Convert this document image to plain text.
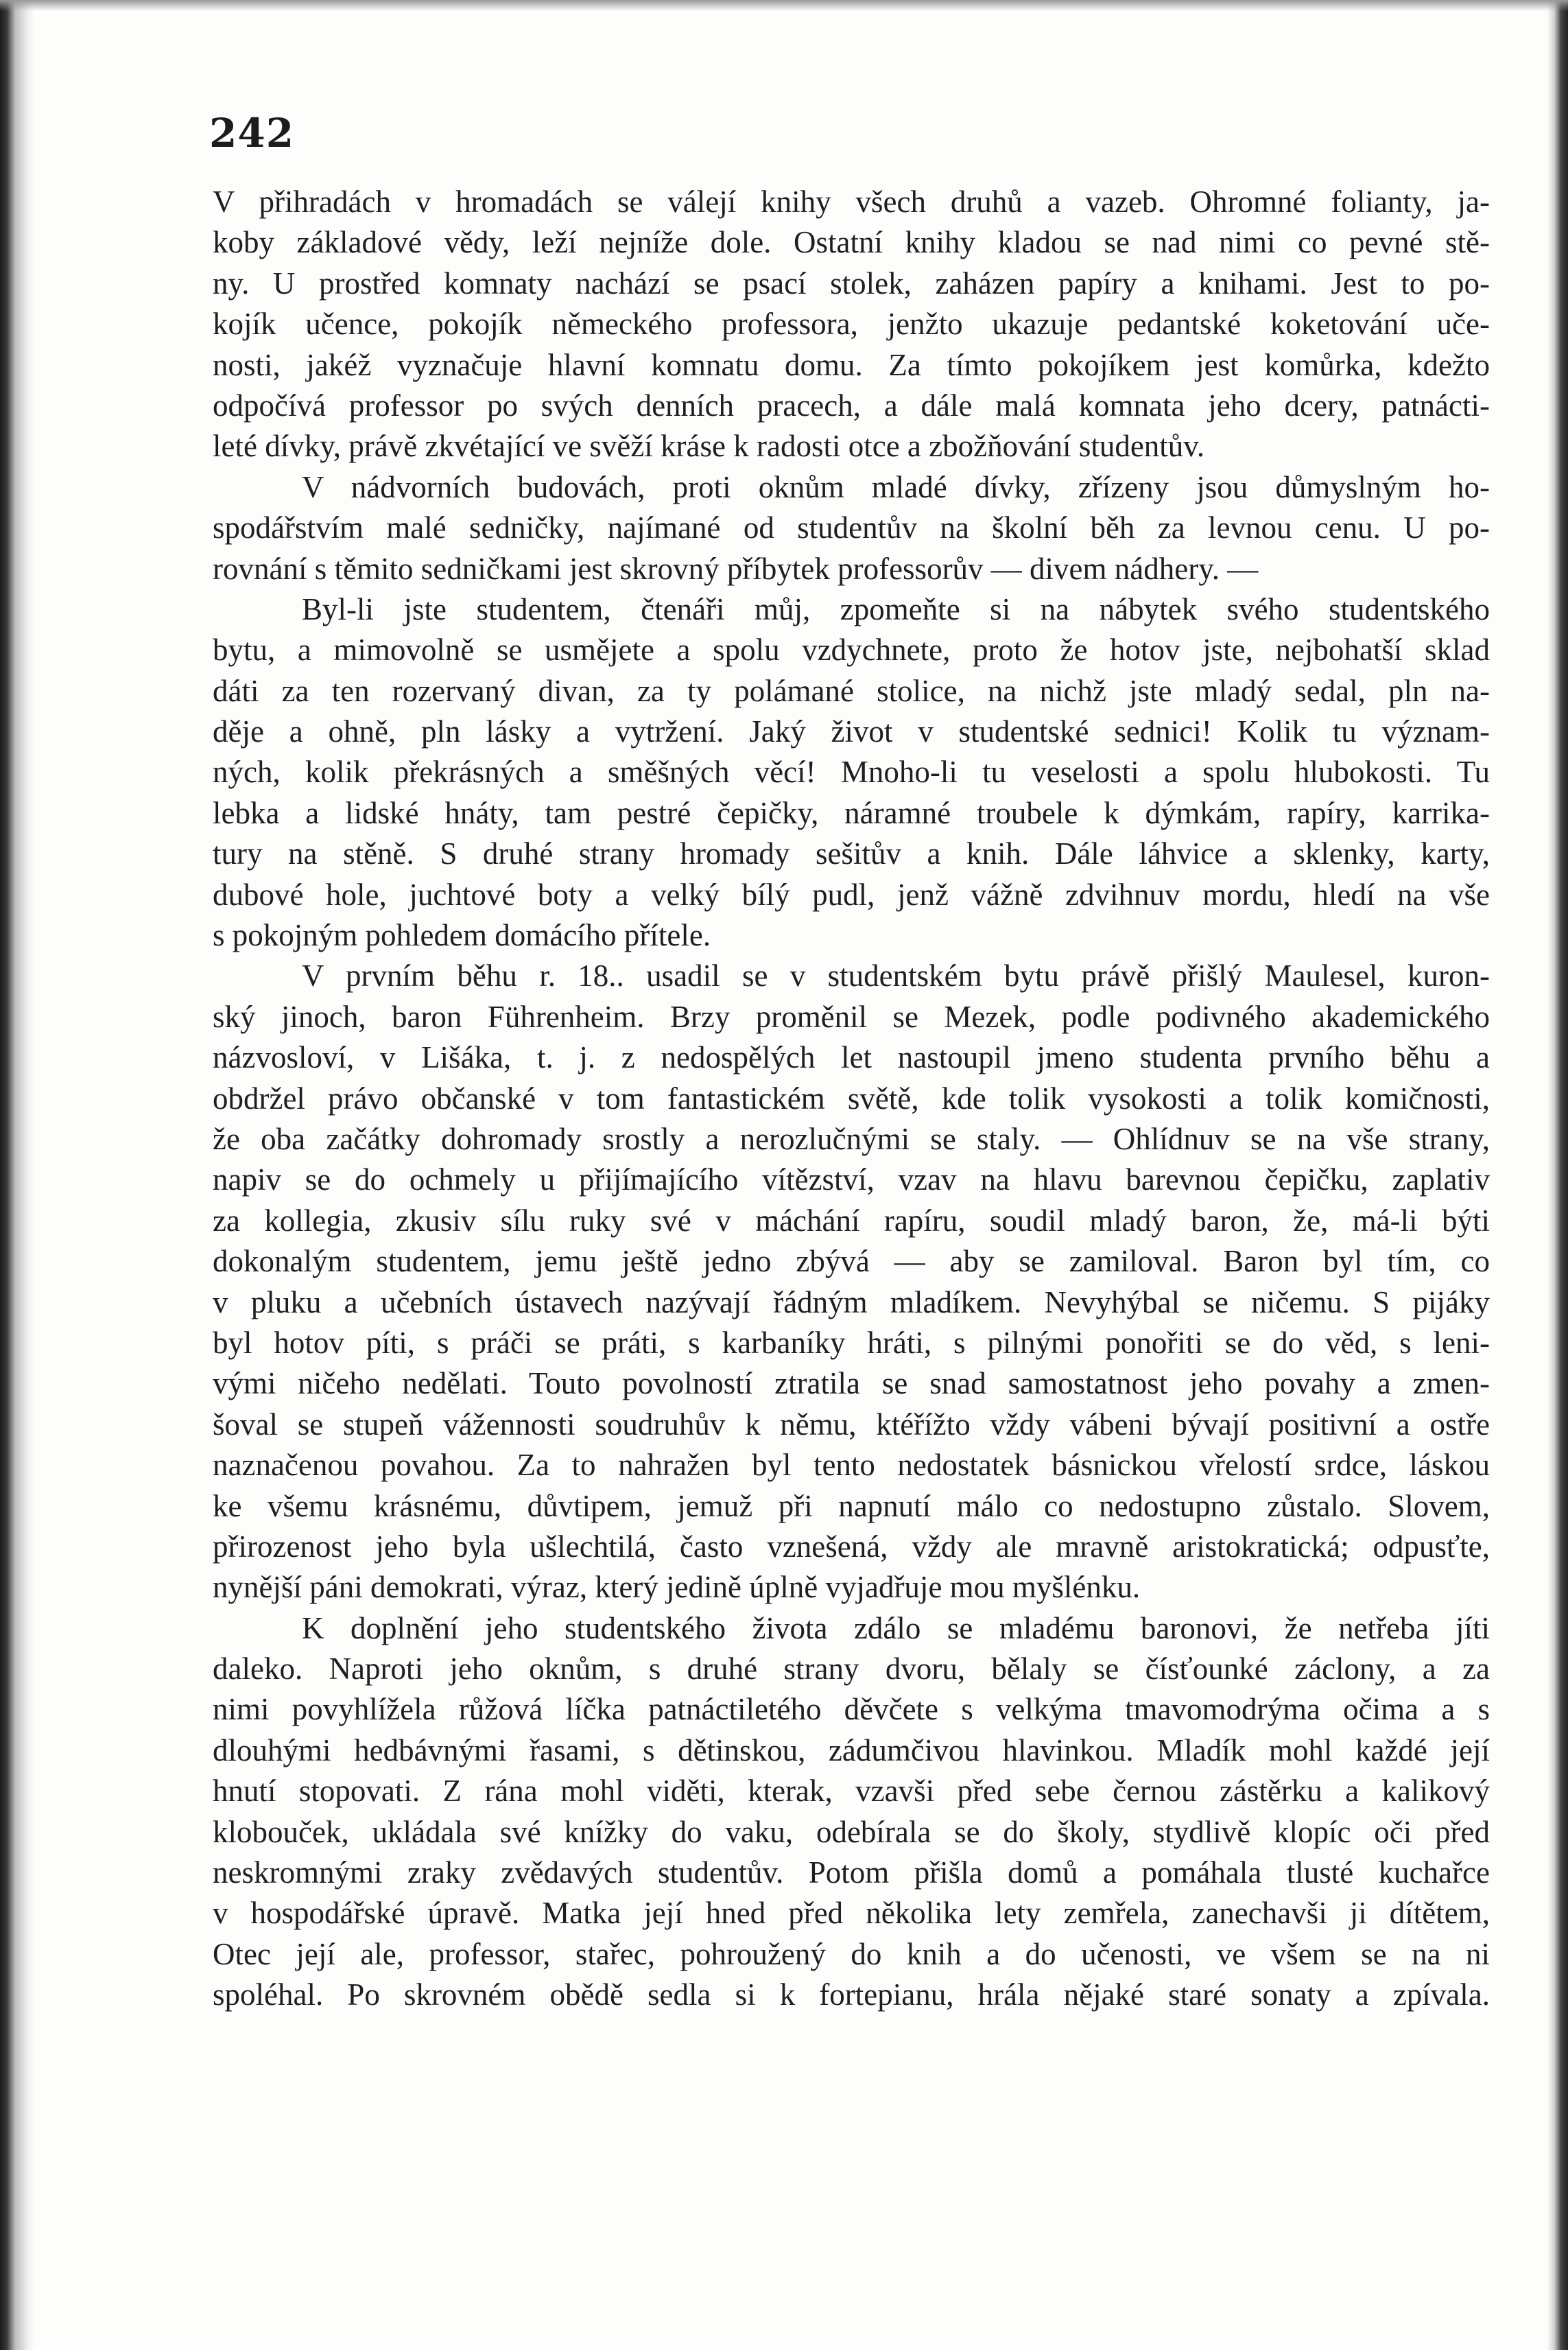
242
V přihradách v hromadách se válejí knihy všech druhů a vazeb. Ohromné folianty, ja-
koby základové vědy, leží nejníže dole. Ostatní knihy kladou se nad nimi co pevné stě-
ny. U prostřed komnaty nachází se psací stolek, zaházen papíry a knihami. Jest to po-
kojík učence, pokojík německého professora, jenžto ukazuje pedantské koketování uče-
nosti, jakéž vyznačuje hlavní komnatu domu. Za tímto pokojíkem jest komůrka, kdežto
odpočívá professor po svých denních pracech, a dále malá komnata jeho dcery, patnácti-
leté dívky, právě zkvétající ve svěží kráse k radosti otce a zbožňování studentův.
V nádvorních budovách, proti oknům mladé dívky, zřízeny jsou důmyslným ho-
spodářstvím malé sedničky, najímané od studentův na školní běh za levnou cenu. U po-
rovnání s těmito sedničkami jest skrovný příbytek professorův — divem nádhery. —
Byl-li jste studentem, čtenáři můj, zpomeňte si na nábytek svého studentského
bytu, a mimovolně se usmějete a spolu vzdychnete, proto že hotov jste, nejbohatší sklad
dáti za ten rozervaný divan, za ty polámané stolice, na nichž jste mladý sedal, pln na-
děje a ohně, pln lásky a vytržení. Jaký život v studentské sednici! Kolik tu význam-
ných, kolik překrásných a směšných věcí! Mnoho-li tu veselosti a spolu hlubokosti. Tu
lebka a lidské hnáty, tam pestré čepičky, náramné troubele k dýmkám, rapíry, karrika-
tury na stěně. S druhé strany hromady sešitův a knih. Dále láhvice a sklenky, karty,
dubové hole, juchtové boty a velký bílý pudl, jenž vážně zdvihnuv mordu, hledí na vše
s pokojným pohledem domácího přítele.
V prvním běhu r. 18.. usadil se v studentském bytu právě přišlý Maulesel, kuron-
ský jinoch, baron Führenheim. Brzy proměnil se Mezek, podle podivného akademického
názvosloví, v Lišáka, t. j. z nedospělých let nastoupil jmeno studenta prvního běhu a
obdržel právo občanské v tom fantastickém světě, kde tolik vysokosti a tolik komičnosti,
že oba začátky dohromady srostly a nerozlučnými se staly. — Ohlídnuv se na vše strany,
napiv se do ochmely u přijímajícího vítězství, vzav na hlavu barevnou čepičku, zaplativ
za kollegia, zkusiv sílu ruky své v máchání rapíru, soudil mladý baron, že, má-li býti
dokonalým studentem, jemu ještě jedno zbývá — aby se zamiloval. Baron byl tím, co
v pluku a učebních ústavech nazývají řádným mladíkem. Nevyhýbal se ničemu. S pijáky
byl hotov píti, s práči se práti, s karbaníky hráti, s pilnými ponořiti se do věd, s leni-
vými ničeho nedělati. Touto povolností ztratila se snad samostatnost jeho povahy a zmen-
šoval se stupeň vážennosti soudruhův k němu, ktéřížto vždy vábeni bývají positivní a ostře
naznačenou povahou. Za to nahražen byl tento nedostatek básnickou vřelostí srdce, láskou
ke všemu krásnému, důvtipem, jemuž při napnutí málo co nedostupno zůstalo. Slovem,
přirozenost jeho byla ušlechtilá, často vznešená, vždy ale mravně aristokratická; odpusťte,
nynější páni demokrati, výraz, který jedině úplně vyjadřuje mou myšlénku.
K doplnění jeho studentského života zdálo se mladému baronovi, že netřeba jíti
daleko. Naproti jeho oknům, s druhé strany dvoru, bělaly se čísťounké záclony, a za
nimi povyhlížela růžová líčka patnáctiletého děvčete s velkýma tmavomodrýma očima a s
dlouhými hedbávnými řasami, s dětinskou, zádumčivou hlavinkou. Mladík mohl každé její
hnutí stopovati. Z rána mohl viděti, kterak, vzavši před sebe černou zástěrku a kalikový
klobouček, ukládala své knížky do vaku, odebírala se do školy, stydlivě klopíc oči před
neskromnými zraky zvědavých studentův. Potom přišla domů a pomáhala tlusté kuchařce
v hospodářské úpravě. Matka její hned před několika lety zemřela, zanechavši ji dítětem,
Otec její ale, professor, stařec, pohroužený do knih a do učenosti, ve všem se na ni
spoléhal. Po skrovném obědě sedla si k fortepianu, hrála nějaké staré sonaty a zpívala.
